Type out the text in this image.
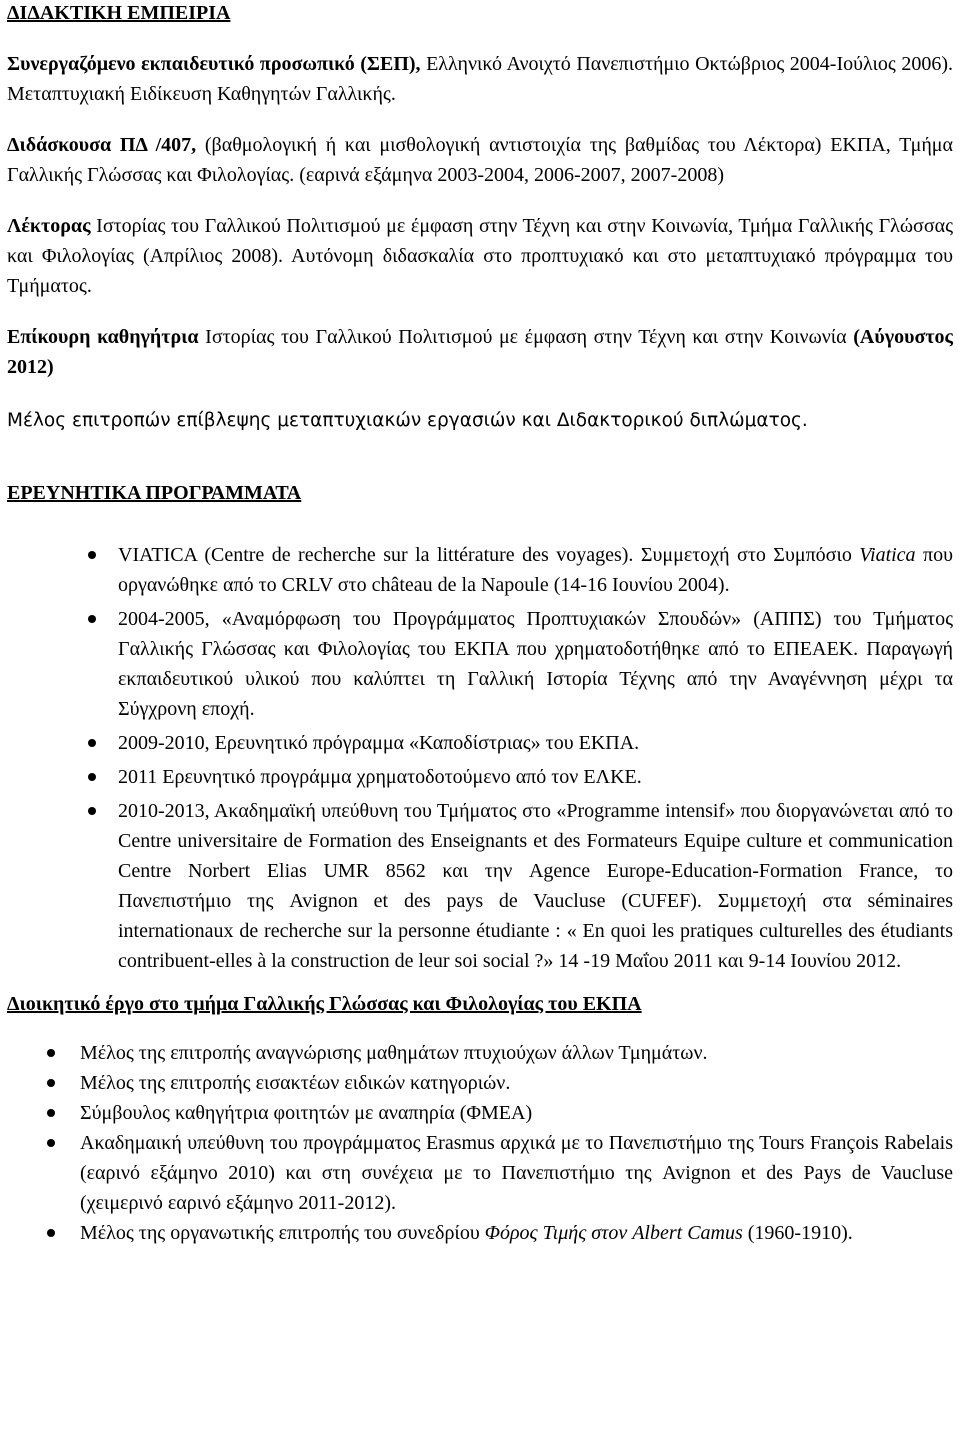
ΔΙΔΑΚΤΙΚΗ ΕΜΠΕΙΡΙΑ

Συνεργαζόμενο εκπαιδευτικό προσωπικό (ΣΕΠ), Ελληνικό Ανοιχτό Πανεπιστήμιο Οκτώβριος 2004-Ιούλιος 2006). Μεταπτυχιακή Ειδίκευση Καθηγητών Γαλλικής.

Διδάσκουσα ΠΔ /407, (βαθμολογική ή και μισθολογική αντιστοιχία της βαθμίδας του Λέκτορα) ΕΚΠΑ, Τμήμα Γαλλικής Γλώσσας και Φιλολογίας. (εαρινά εξάμηνα 2003-2004, 2006-2007, 2007-2008)

Λέκτορας Ιστορίας του Γαλλικού Πολιτισμού με έμφαση στην Τέχνη και στην Κοινωνία, Τμήμα Γαλλικής Γλώσσας και Φιλολογίας (Απρίλιος 2008). Αυτόνομη διδασκαλία στο προπτυχιακό και στο μεταπτυχιακό πρόγραμμα του Τμήματος.

Επίκουρη καθηγήτρια Ιστορίας του Γαλλικού Πολιτισμού με έμφαση στην Τέχνη και στην Κοινωνία (Αύγουστος 2012)

Μέλος επιτροπών επίβλεψης μεταπτυχιακών εργασιών και Διδακτορικού διπλώματος.

ΕΡΕΥΝΗΤΙΚΑ ΠΡΟΓΡΑΜΜΑΤΑ

VIATICA (Centre de recherche sur la littérature des voyages). Συμμετοχή στο Συμπόσιο Viatica που οργανώθηκε από το CRLV στο château de la Napoule (14-16 Ιουνίου 2004).
2004-2005, «Αναμόρφωση του Προγράμματος Προπτυχιακών Σπουδών» (ΑΠΠΣ) του Τμήματος Γαλλικής Γλώσσας και Φιλολογίας του ΕΚΠΑ που χρηματοδοτήθηκε από το ΕΠΕΑΕΚ. Παραγωγή εκπαιδευτικού υλικού που καλύπτει τη Γαλλική Ιστορία Τέχνης από την Αναγέννηση μέχρι τα Σύγχρονη εποχή.
2009-2010, Ερευνητικό πρόγραμμα «Καποδίστριας» του ΕΚΠΑ.
2011 Ερευνητικό προγράμμα χρηματοδοτούμενο από τον ΕΛΚΕ.
2010-2013, Ακαδημαϊκή υπεύθυνη του Τμήματος στο «Programme intensif» που διοργανώνεται από το Centre universitaire de Formation des Enseignants et des Formateurs Equipe culture et communication Centre Norbert Elias UMR 8562 και την Agence Europe-Education-Formation France, το Πανεπιστήμιο της Avignon et des pays de Vaucluse (CUFEF). Συμμετοχή στα séminaires internationaux de recherche sur la personne étudiante : « En quoi les pratiques culturelles des étudiants contribuent-elles à la construction de leur soi social ?» 14 -19 Μαΐου 2011 και 9-14 Ιουνίου 2012.

Διοικητικό έργο στο τμήμα Γαλλικής Γλώσσας και Φιλολογίας του ΕΚΠΑ

Μέλος της επιτροπής αναγνώρισης μαθημάτων πτυχιούχων άλλων Τμημάτων.
Μέλος της επιτροπής εισακτέων ειδικών κατηγοριών.
Σύμβουλος καθηγήτρια φοιτητών με αναπηρία (ΦΜΕΑ)
Ακαδημαική υπεύθυνη του προγράμματος Erasmus αρχικά με το Πανεπιστήμιο της Tours François Rabelais (εαρινό εξάμηνο 2010) και στη συνέχεια με το Πανεπιστήμιο της Avignon et des Pays de Vaucluse (χειμερινό εαρινό εξάμηνο 2011-2012).
Μέλος της οργανωτικής επιτροπής του συνεδρίου Φόρος Τιμής στον Albert Camus (1960-1910).
